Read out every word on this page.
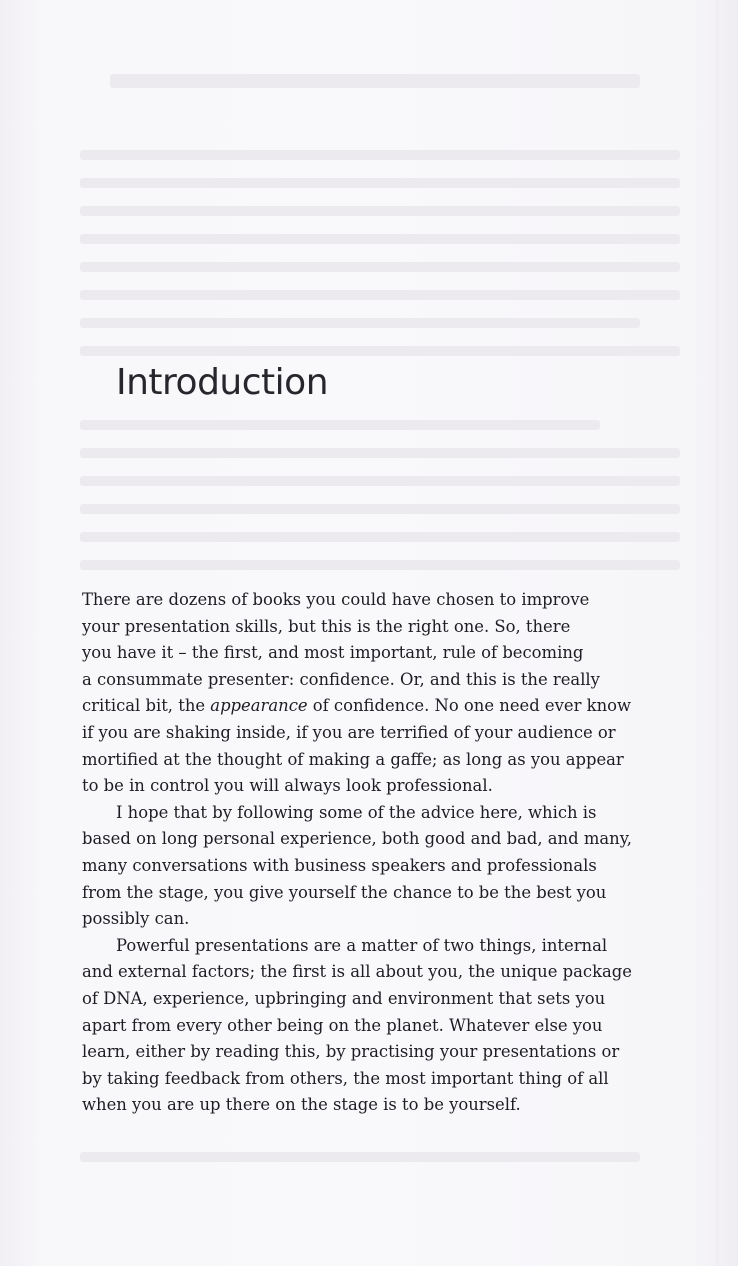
Introduction
There are dozens of books you could have chosen to improve
your presentation skills, but this is the right one. So, there
you have it – the first, and most important, rule of becoming
a consummate presenter: confidence. Or, and this is the really
critical bit, the appearance of confidence. No one need ever know
if you are shaking inside, if you are terrified of your audience or
mortified at the thought of making a gaffe; as long as you appear
to be in control you will always look professional.
I hope that by following some of the advice here, which is
based on long personal experience, both good and bad, and many,
many conversations with business speakers and professionals
from the stage, you give yourself the chance to be the best you
possibly can.
Powerful presentations are a matter of two things, internal
and external factors; the first is all about you, the unique package
of DNA, experience, upbringing and environment that sets you
apart from every other being on the planet. Whatever else you
learn, either by reading this, by practising your presentations or
by taking feedback from others, the most important thing of all
when you are up there on the stage is to be yourself.
